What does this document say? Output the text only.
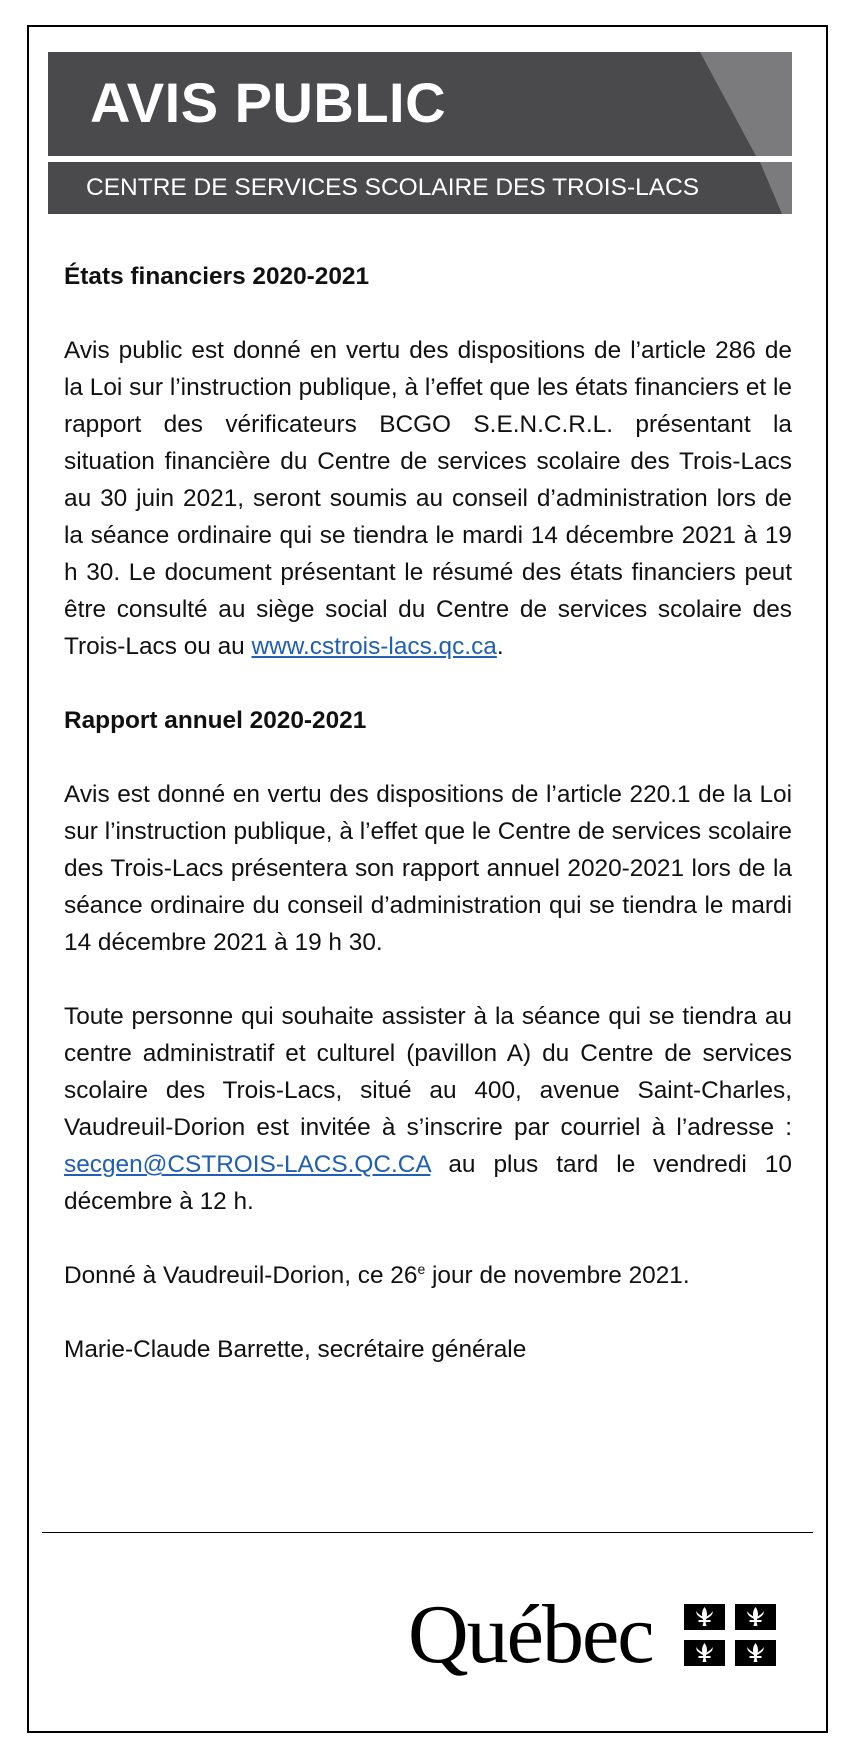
AVIS PUBLIC
CENTRE DE SERVICES SCOLAIRE DES TROIS-LACS

États financiers 2020-2021

Avis public est donné en vertu des dispositions de l’article 286 de la Loi sur l’instruction publique, à l’effet que les états financiers et le rapport des vérificateurs BCGO S.E.N.C.R.L. présentant la situation financière du Centre de services scolaire des Trois-Lacs au 30 juin 2021, seront soumis au conseil d’administration lors de la séance ordinaire qui se tiendra le mardi 14 décembre 2021 à 19 h 30. Le document présentant le résumé des états financiers peut être consulté au siège social du Centre de services scolaire des Trois-Lacs ou au www.cstrois-lacs.qc.ca.

Rapport annuel 2020-2021

Avis est donné en vertu des dispositions de l’article 220.1 de la Loi sur l’instruction publique, à l’effet que le Centre de services scolaire des Trois-Lacs présentera son rapport annuel 2020-2021 lors de la séance ordinaire du conseil d’administration qui se tiendra le mardi 14 décembre 2021 à 19 h 30.

Toute personne qui souhaite assister à la séance qui se tiendra au centre administratif et culturel (pavillon A) du Centre de services scolaire des Trois-Lacs, situé au 400, avenue Saint-Charles, Vaudreuil-Dorion est invitée à s’inscrire par courriel à l’adresse : secgen@CSTROIS-LACS.QC.CA au plus tard le vendredi 10 décembre à 12 h.

Donné à Vaudreuil-Dorion, ce 26e jour de novembre 2021.

Marie-Claude Barrette, secrétaire générale

Québec
